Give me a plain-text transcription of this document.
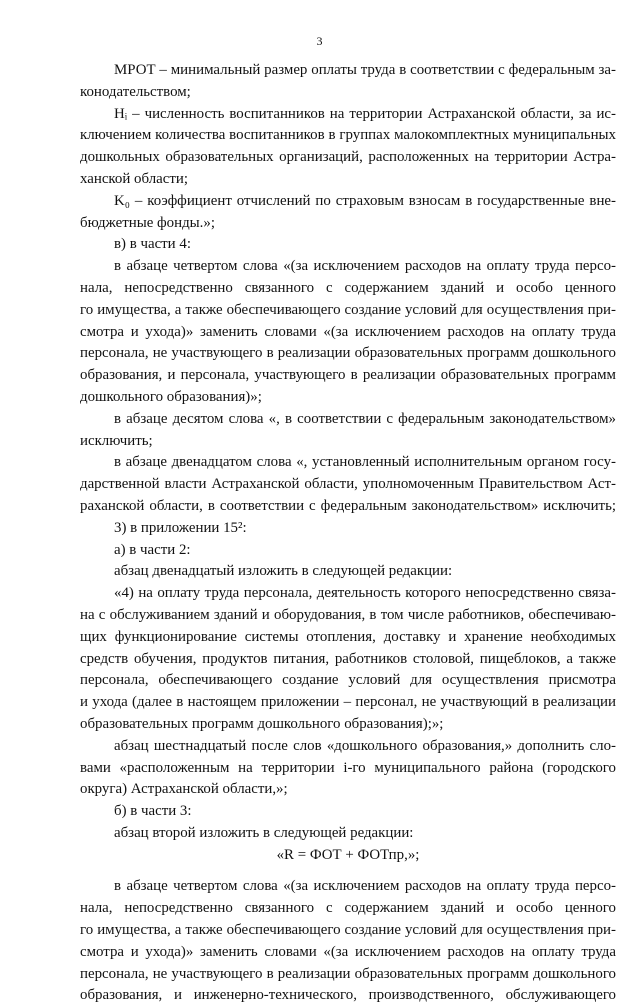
3
МРОТ – минимальный размер оплаты труда в соответствии с федеральным за-
конодательством;
Hᵢ – численность воспитанников на территории Астраханской области, за ис-
ключением количества воспитанников в группах малокомплектных муниципальных
дошкольных образовательных организаций, расположенных на территории Астра-
ханской области;
K₀ – коэффициент отчислений по страховым взносам в государственные вне-
бюджетные фонды.»;
в) в части 4:
в абзаце четвертом слова «(за исключением расходов на оплату труда персо-
нала, непосредственно связанного с содержанием зданий и особо ценного
го имущества, а также обеспечивающего создание условий для осуществления при-
смотра и ухода)» заменить словами «(за исключением расходов на оплату труда
персонала, не участвующего в реализации образовательных программ дошкольного
образования, и персонала, участвующего в реализации образовательных программ
дошкольного образования)»;
в абзаце десятом слова «, в соответствии с федеральным законодательством»
исключить;
в абзаце двенадцатом слова «, установленный исполнительным органом госу-
дарственной власти Астраханской области, уполномоченным Правительством Аст-
раханской области, в соответствии с федеральным законодательством» исключить;
3) в приложении 15²:
а) в части 2:
абзац двенадцатый изложить в следующей редакции:
«4) на оплату труда персонала, деятельность которого непосредственно связа-
на с обслуживанием зданий и оборудования, в том числе работников, обеспечиваю-
щих функционирование системы отопления, доставку и хранение необходимых
средств обучения, продуктов питания, работников столовой, пищеблоков, а также
персонала, обеспечивающего создание условий для осуществления присмотра
и ухода (далее в настоящем приложении – персонал, не участвующий в реализации
образовательных программ дошкольного образования);»;
абзац шестнадцатый после слов «дошкольного образования,» дополнить сло-
вами «расположенным на территории i-го муниципального района (городского
округа) Астраханской области,»;
б) в части 3:
абзац второй изложить в следующей редакции:
«R = ФОТ + ФОТпр,»;
в абзаце четвертом слова «(за исключением расходов на оплату труда персо-
нала, непосредственно связанного с содержанием зданий и особо ценного
го имущества, а также обеспечивающего создание условий для осуществления при-
смотра и ухода)» заменить словами «(за исключением расходов на оплату труда
персонала, не участвующего в реализации образовательных программ дошкольного
образования, и инженерно-технического, производственного, обслуживающего
